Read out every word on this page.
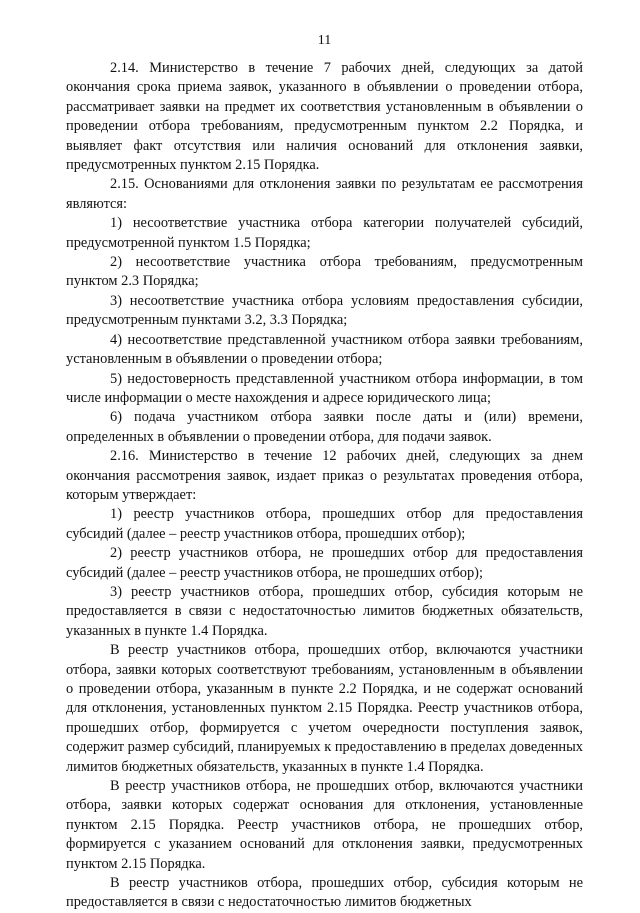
11

2.14. Министерство в течение 7 рабочих дней, следующих за датой окончания срока приема заявок, указанного в объявлении о проведении отбора, рассматривает заявки на предмет их соответствия установленным в объявлении о проведении отбора требованиям, предусмотренным пунктом 2.2 Порядка, и выявляет факт отсутствия или наличия оснований для отклонения заявки, предусмотренных пунктом 2.15 Порядка.

2.15. Основаниями для отклонения заявки по результатам ее рассмотрения являются:

1) несоответствие участника отбора категории получателей субсидий, предусмотренной пунктом 1.5 Порядка;

2) несоответствие участника отбора требованиям, предусмотренным пунктом 2.3 Порядка;

3) несоответствие участника отбора условиям предоставления субсидии, предусмотренным пунктами 3.2, 3.3 Порядка;

4) несоответствие представленной участником отбора заявки требованиям, установленным в объявлении о проведении отбора;

5) недостоверность представленной участником отбора информации, в том числе информации о месте нахождения и адресе юридического лица;

6) подача участником отбора заявки после даты и (или) времени, определенных в объявлении о проведении отбора, для подачи заявок.

2.16. Министерство в течение 12 рабочих дней, следующих за днем окончания рассмотрения заявок, издает приказ о результатах проведения отбора, которым утверждает:

1) реестр участников отбора, прошедших отбор для предоставления субсидий (далее – реестр участников отбора, прошедших отбор);

2) реестр участников отбора, не прошедших отбор для предоставления субсидий (далее – реестр участников отбора, не прошедших отбор);

3) реестр участников отбора, прошедших отбор, субсидия которым не предоставляется в связи с недостаточностью лимитов бюджетных обязательств, указанных в пункте 1.4 Порядка.

В реестр участников отбора, прошедших отбор, включаются участники отбора, заявки которых соответствуют требованиям, установленным в объявлении о проведении отбора, указанным в пункте 2.2 Порядка, и не содержат оснований для отклонения, установленных пунктом 2.15 Порядка. Реестр участников отбора, прошедших отбор, формируется с учетом очередности поступления заявок, содержит размер субсидий, планируемых к предоставлению в пределах доведенных лимитов бюджетных обязательств, указанных в пункте 1.4 Порядка.

В реестр участников отбора, не прошедших отбор, включаются участники отбора, заявки которых содержат основания для отклонения, установленные пунктом 2.15 Порядка. Реестр участников отбора, не прошедших отбор, формируется с указанием оснований для отклонения заявки, предусмотренных пунктом 2.15 Порядка.

В реестр участников отбора, прошедших отбор, субсидия которым не предоставляется в связи с недостаточностью лимитов бюджетных
